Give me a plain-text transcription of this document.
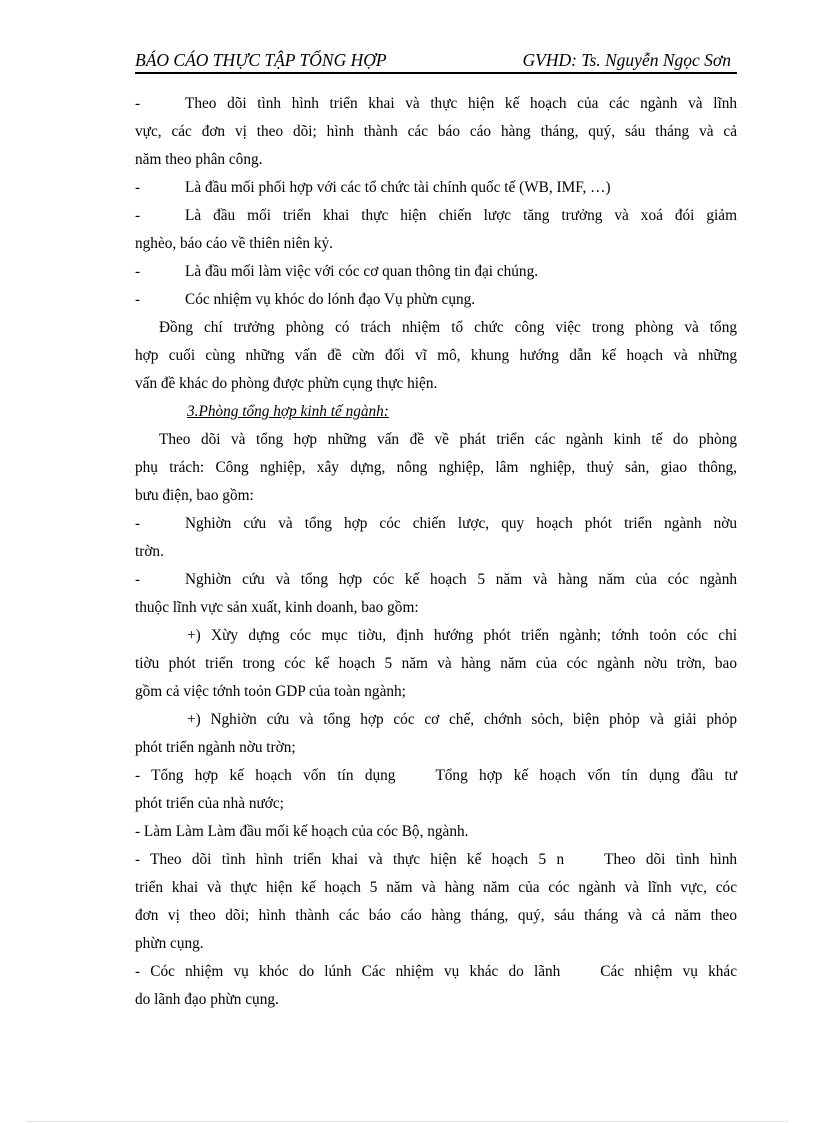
BÁO CÁO THỰC TẬP TỔNG HỢP	GVHD: Ts. Nguyễn Ngọc Sơn
-	Theo dõi tình hình triển khai và thực hiện kế hoạch của các ngành và lĩnh
vực, các đơn vị theo dõi; hình thành các báo cáo hàng tháng, quý, sáu tháng và cả
năm theo phân công.
-	Là đầu mối phối hợp với các tổ chức tài chính quốc tế (WB, IMF, …)
-	Là đầu mối triển khai thực hiện chiến lược tăng trưởng và xoá đói giảm
nghèo, báo cáo về thiên niên kỷ.
-	Là đầu mối làm việc với cóc cơ quan thông tin đại chúng.
-	Cóc nhiệm vụ khóc do lónh đạo Vụ phừn cụng.
Đồng chí trưởng phòng có trách nhiệm tổ chức công việc trong phòng và tổng
hợp cuối cùng những vấn đề cừn đối vĩ mô, khung hướng dẫn kế hoạch và những
vấn đề khác do phòng được phừn cụng thực hiện.
3.Phòng tổng hợp kinh tế ngành:
Theo dõi và tổng hợp những vấn đề về phát triển các ngành kinh tế do phòng
phụ trách: Công nghiệp, xây dựng, nông nghiệp, lâm nghiệp, thuỷ sản, giao thông,
bưu điện, bao gồm:
-	Nghiờn cứu và tổng hợp cóc chiến lược, quy hoạch phót triển ngành nờu
trờn.
-	Nghiờn cứu và tổng hợp cóc kế hoạch 5 năm và hàng năm của cóc ngành
thuộc lĩnh vực sản xuất, kinh doanh, bao gồm:
+) Xừy dựng cóc mục tiờu, định hướng phót triển ngành; tớnh toỏn cóc chỉ
tiờu phót triển trong cóc kế hoạch 5 năm và hàng năm của cóc ngành nờu trờn, bao
gồm cả việc tớnh toỏn GDP của toàn ngành;
+) Nghiờn cứu và tổng hợp cóc cơ chế, chớnh sỏch, biện phỏp và giải phỏp
phót triển ngành nờu trờn;
- Tổng hợp kế hoạch vốn tín dụng	Tổng hợp kế hoạch vốn tín dụng đầu tư
phót triển của nhà nước;
- Làm Làm Làm đầu mối kế hoạch của cóc Bộ, ngành.
- Theo dõi tình hình triển khai và thực hiện kế hoạch 5 n	Theo dõi tình hình
triển khai và thực hiện kế hoạch 5 năm và hàng năm của cóc ngành và lĩnh vực, cóc
đơn vị theo dõi; hình thành các báo cáo hàng tháng, quý, sáu tháng và cả năm theo
phừn cụng.
- Cóc nhiệm vụ khóc do lúnh Các nhiệm vụ khác do lãnh	Các nhiệm vụ khác
do lãnh đạo phừn cụng.
